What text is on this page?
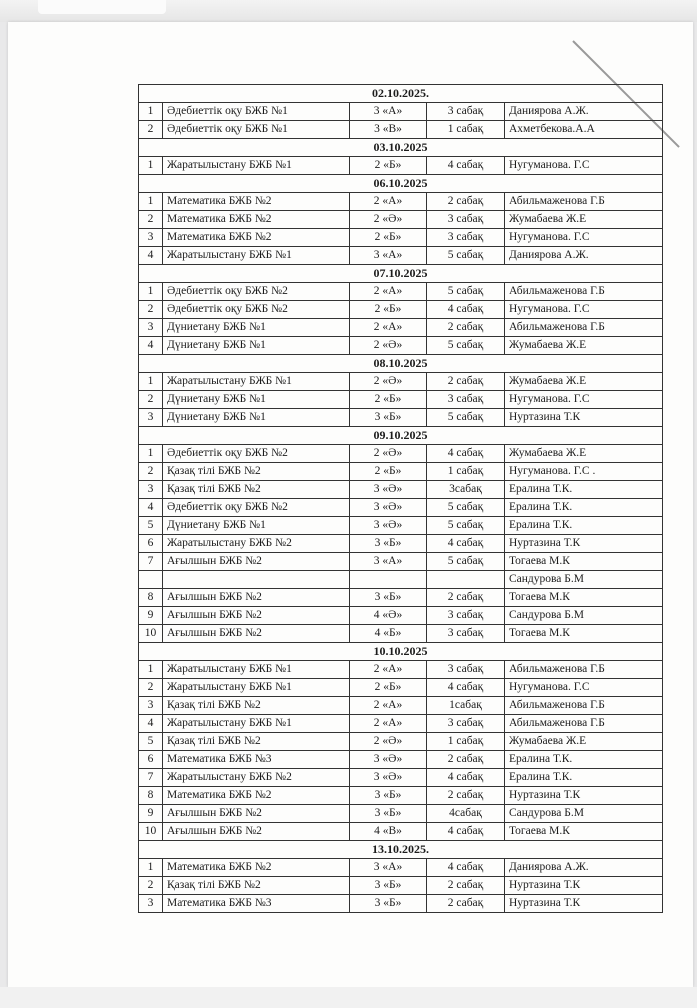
02.10.2025.				
1	Әдебиеттік оқу БЖБ №1	3 «А»	3 сабақ	Даниярова А.Ж.
2	Әдебиеттік оқу БЖБ №1	3 «В»	1 сабақ	Ахметбекова.А.А
03.10.2025				
1	Жаратылыстану БЖБ №1	2 «Б»	4 сабақ	Нугуманова. Г.С
06.10.2025				
1	Математика БЖБ №2	2 «А»	2 сабақ	Абильмаженова Г.Б
2	Математика БЖБ №2	2 «Ә»	3 сабақ	Жумабаева Ж.Е
3	Математика БЖБ №2	2 «Б»	3 сабақ	Нугуманова. Г.С
4	Жаратылыстану БЖБ №1	3 «А»	5 сабақ	Даниярова А.Ж.
07.10.2025				
1	Әдебиеттік оқу БЖБ №2	2 «А»	5 сабақ	Абильмаженова Г.Б
2	Әдебиеттік оқу БЖБ №2	2 «Б»	4 сабақ	Нугуманова. Г.С
3	Дүниетану БЖБ №1	2 «А»	2 сабақ	Абильмаженова Г.Б
4	Дүниетану БЖБ №1	2 «Ә»	5 сабақ	Жумабаева Ж.Е
08.10.2025				
1	Жаратылыстану БЖБ №1	2 «Ә»	2 сабақ	Жумабаева Ж.Е
2	Дүниетану БЖБ №1	2 «Б»	3 сабақ	Нугуманова. Г.С
3	Дүниетану БЖБ №1	3 «Б»	5 сабақ	Нуртазина Т.К
09.10.2025				
1	Әдебиеттік оқу БЖБ №2	2 «Ә»	4 сабақ	Жумабаева Ж.Е
2	Қазақ тілі БЖБ №2	2 «Б»	1 сабақ	Нугуманова. Г.С .
3	Қазақ тілі БЖБ №2	3 «Ә»	3сабақ	Ералина Т.К.
4	Әдебиеттік оқу БЖБ №2	3 «Ә»	5 сабақ	Ералина Т.К.
5	Дүниетану БЖБ №1	3 «Ә»	5 сабақ	Ералина Т.К.
6	Жаратылыстану БЖБ №2	3 «Б»	4 сабақ	Нуртазина Т.К
7	Ағылшын БЖБ №2	3 «А»	5 сабақ	Тогаева М.К
				Сандурова Б.М
8	Ағылшын БЖБ №2	3 «Б»	2 сабақ	Тогаева М.К
9	Ағылшын БЖБ №2	4 «Ә»	3 сабақ	Сандурова Б.М
10	Ағылшын БЖБ №2	4 «Б»	3 сабақ	Тогаева М.К
10.10.2025				
1	Жаратылыстану БЖБ №1	2 «А»	3 сабақ	Абильмаженова Г.Б
2	Жаратылыстану БЖБ №1	2 «Б»	4 сабақ	Нугуманова. Г.С
3	Қазақ тілі БЖБ №2	2 «А»	1сабақ	Абильмаженова Г.Б
4	Жаратылыстану БЖБ №1	2 «А»	3 сабақ	Абильмаженова Г.Б
5	Қазақ тілі БЖБ №2	2 «Ә»	1 сабақ	Жумабаева Ж.Е
6	Математика БЖБ №3	3 «Ә»	2 сабақ	Ералина Т.К.
7	Жаратылыстану БЖБ №2	3 «Ә»	4 сабақ	Ералина Т.К.
8	Математика БЖБ №2	3 «Б»	2 сабақ	Нуртазина Т.К
9	Ағылшын БЖБ №2	3 «Б»	4сабақ	Сандурова Б.М
10	Ағылшын БЖБ №2	4 «В»	4 сабақ	Тогаева М.К
13.10.2025.				
1	Математика БЖБ №2	3 «А»	4 сабақ	Даниярова А.Ж.
2	Қазақ тілі БЖБ №2	3 «Б»	2 сабақ	Нуртазина Т.К
3	Математика БЖБ №3	3 «Б»	2 сабақ	Нуртазина Т.К
